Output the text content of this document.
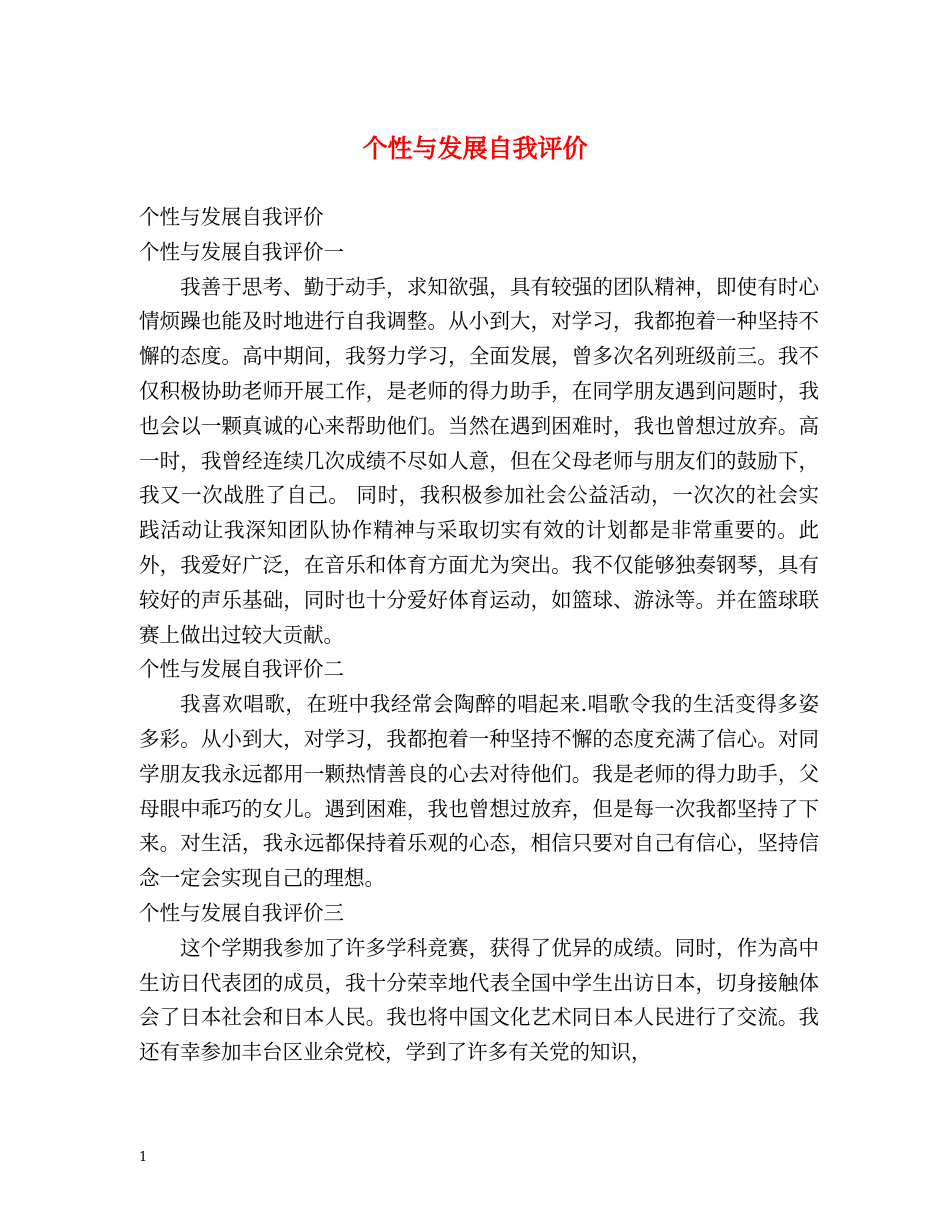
个性与发展自我评价

个性与发展自我评价

个性与发展自我评价一

我善于思考、勤于动手，求知欲强，具有较强的团队精神，即使有时心情烦躁也能及时地进行自我调整。从小到大，对学习，我都抱着一种坚持不懈的态度。高中期间，我努力学习，全面发展，曾多次名列班级前三。我不仅积极协助老师开展工作，是老师的得力助手，在同学朋友遇到问题时，我也会以一颗真诚的心来帮助他们。当然在遇到困难时，我也曾想过放弃。高一时，我曾经连续几次成绩不尽如人意，但在父母老师与朋友们的鼓励下，我又一次战胜了自己。 同时，我积极参加社会公益活动，一次次的社会实践活动让我深知团队协作精神与采取切实有效的计划都是非常重要的。此外，我爱好广泛，在音乐和体育方面尤为突出。我不仅能够独奏钢琴，具有较好的声乐基础，同时也十分爱好体育运动，如篮球、游泳等。并在篮球联赛上做出过较大贡献。

个性与发展自我评价二

我喜欢唱歌，在班中我经常会陶醉的唱起来.唱歌令我的生活变得多姿多彩。从小到大，对学习，我都抱着一种坚持不懈的态度充满了信心。对同学朋友我永远都用一颗热情善良的心去对待他们。我是老师的得力助手，父母眼中乖巧的女儿。遇到困难，我也曾想过放弃，但是每一次我都坚持了下来。对生活，我永远都保持着乐观的心态，相信只要对自己有信心，坚持信念一定会实现自己的理想。

个性与发展自我评价三

这个学期我参加了许多学科竞赛，获得了优异的成绩。同时，作为高中生访日代表团的成员，我十分荣幸地代表全国中学生出访日本，切身接触体会了日本社会和日本人民。我也将中国文化艺术同日本人民进行了交流。我还有幸参加丰台区业余党校，学到了许多有关党的知识，

1
